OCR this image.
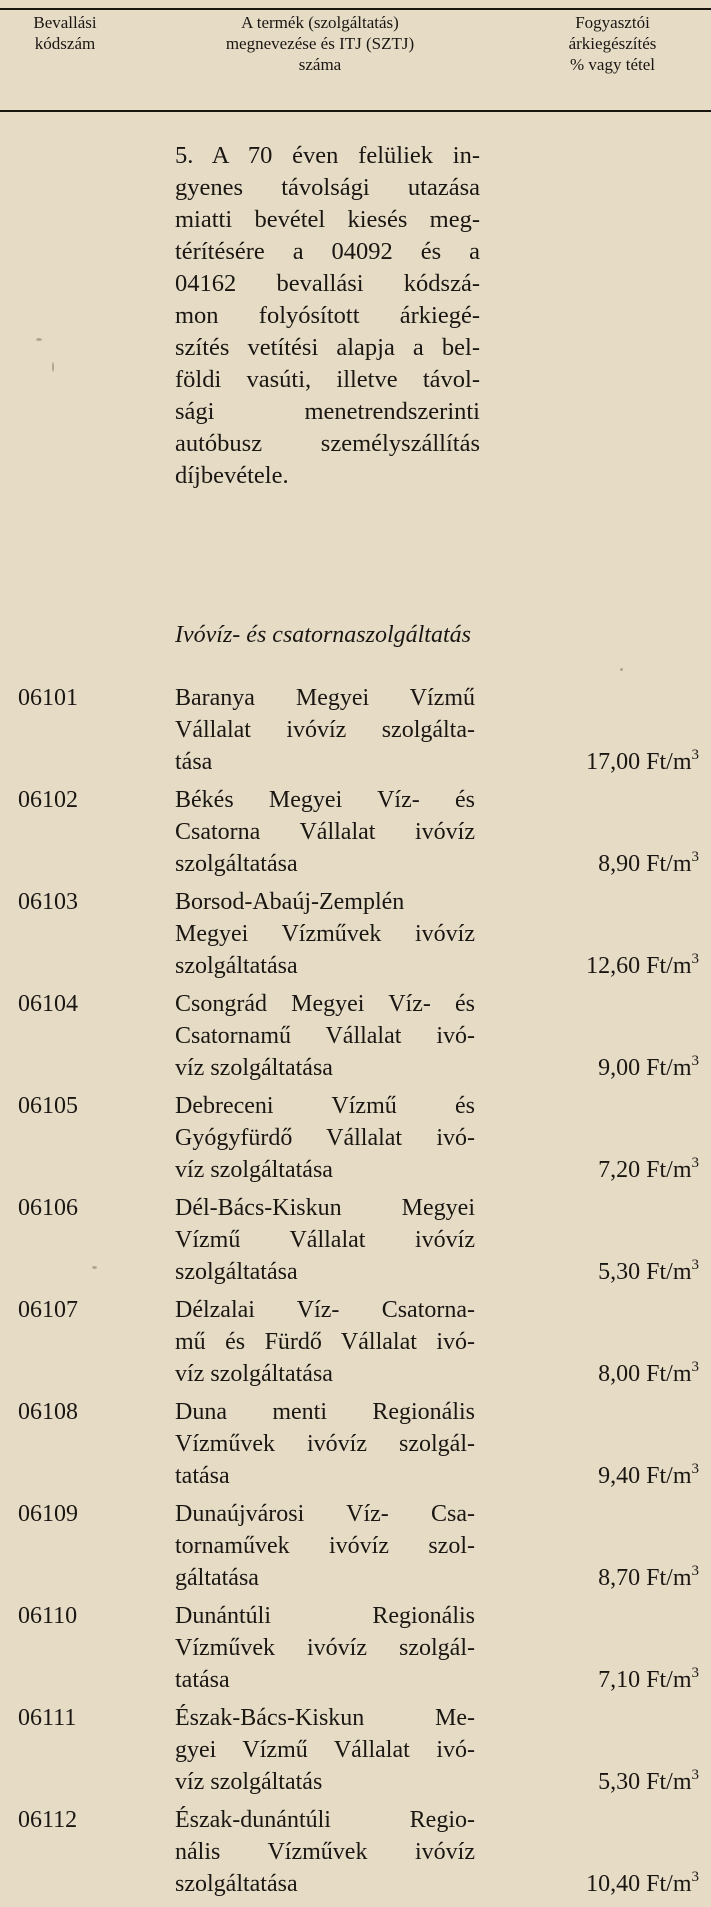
Bevallási
kódszám
A termék (szolgáltatás)
megnevezése és ITJ (SZTJ)
száma
Fogyasztói
árkiegészítés
% vagy tétel
5. A 70 éven felüliek in-
gyenes távolsági utazása
miatti bevétel kiesés meg-
térítésére a 04092 és a
04162 bevallási kódszá-
mon folyósított árkiegé-
szítés vetítési alapja a bel-
földi vasúti, illetve távol-
sági menetrendszerinti
autóbusz személyszállítás
díjbevétele.
Ivóvíz- és csatornaszolgáltatás
06101	Baranya Megyei Vízmű
Vállalat ivóvíz szolgálta-
tása	17,00 $Ft/m^3$
06102	Békés Megyei Víz- és
Csatorna Vállalat ivóvíz
szolgáltatása	8,90 $Ft/m^3$
06103	Borsod-Abaúj-Zemplén
Megyei Vízművek ivóvíz
szolgáltatása	12,60 $Ft/m^3$
06104	Csongrád Megyei Víz- és
Csatornamű Vállalat ivó-
víz szolgáltatása	9,00 $Ft/m^3$
06105	Debreceni Vízmű és
Gyógyfürdő Vállalat ivó-
víz szolgáltatása	7,20 $Ft/m^3$
06106	Dél-Bács-Kiskun Megyei
Vízmű Vállalat ivóvíz
szolgáltatása	5,30 $Ft/m^3$
06107	Délzalai Víz- Csatorna-
mű és Fürdő Vállalat ivó-
víz szolgáltatása	8,00 $Ft/m^3$
06108	Duna menti Regionális
Vízművek ivóvíz szolgál-
tatása	9,40 $Ft/m^3$
06109	Dunaújvárosi Víz- Csa-
tornaművek ivóvíz szol-
gáltatása	8,70 $Ft/m^3$
06110	Dunántúli Regionális
Vízművek ivóvíz szolgál-
tatása	7,10 $Ft/m^3$
06111	Észak-Bács-Kiskun Me-
gyei Vízmű Vállalat ivó-
víz szolgáltatás	5,30 $Ft/m^3$
06112	Észak-dunántúli Regio-
nális Vízművek ivóvíz
szolgáltatása	10,40 $Ft/m^3$
